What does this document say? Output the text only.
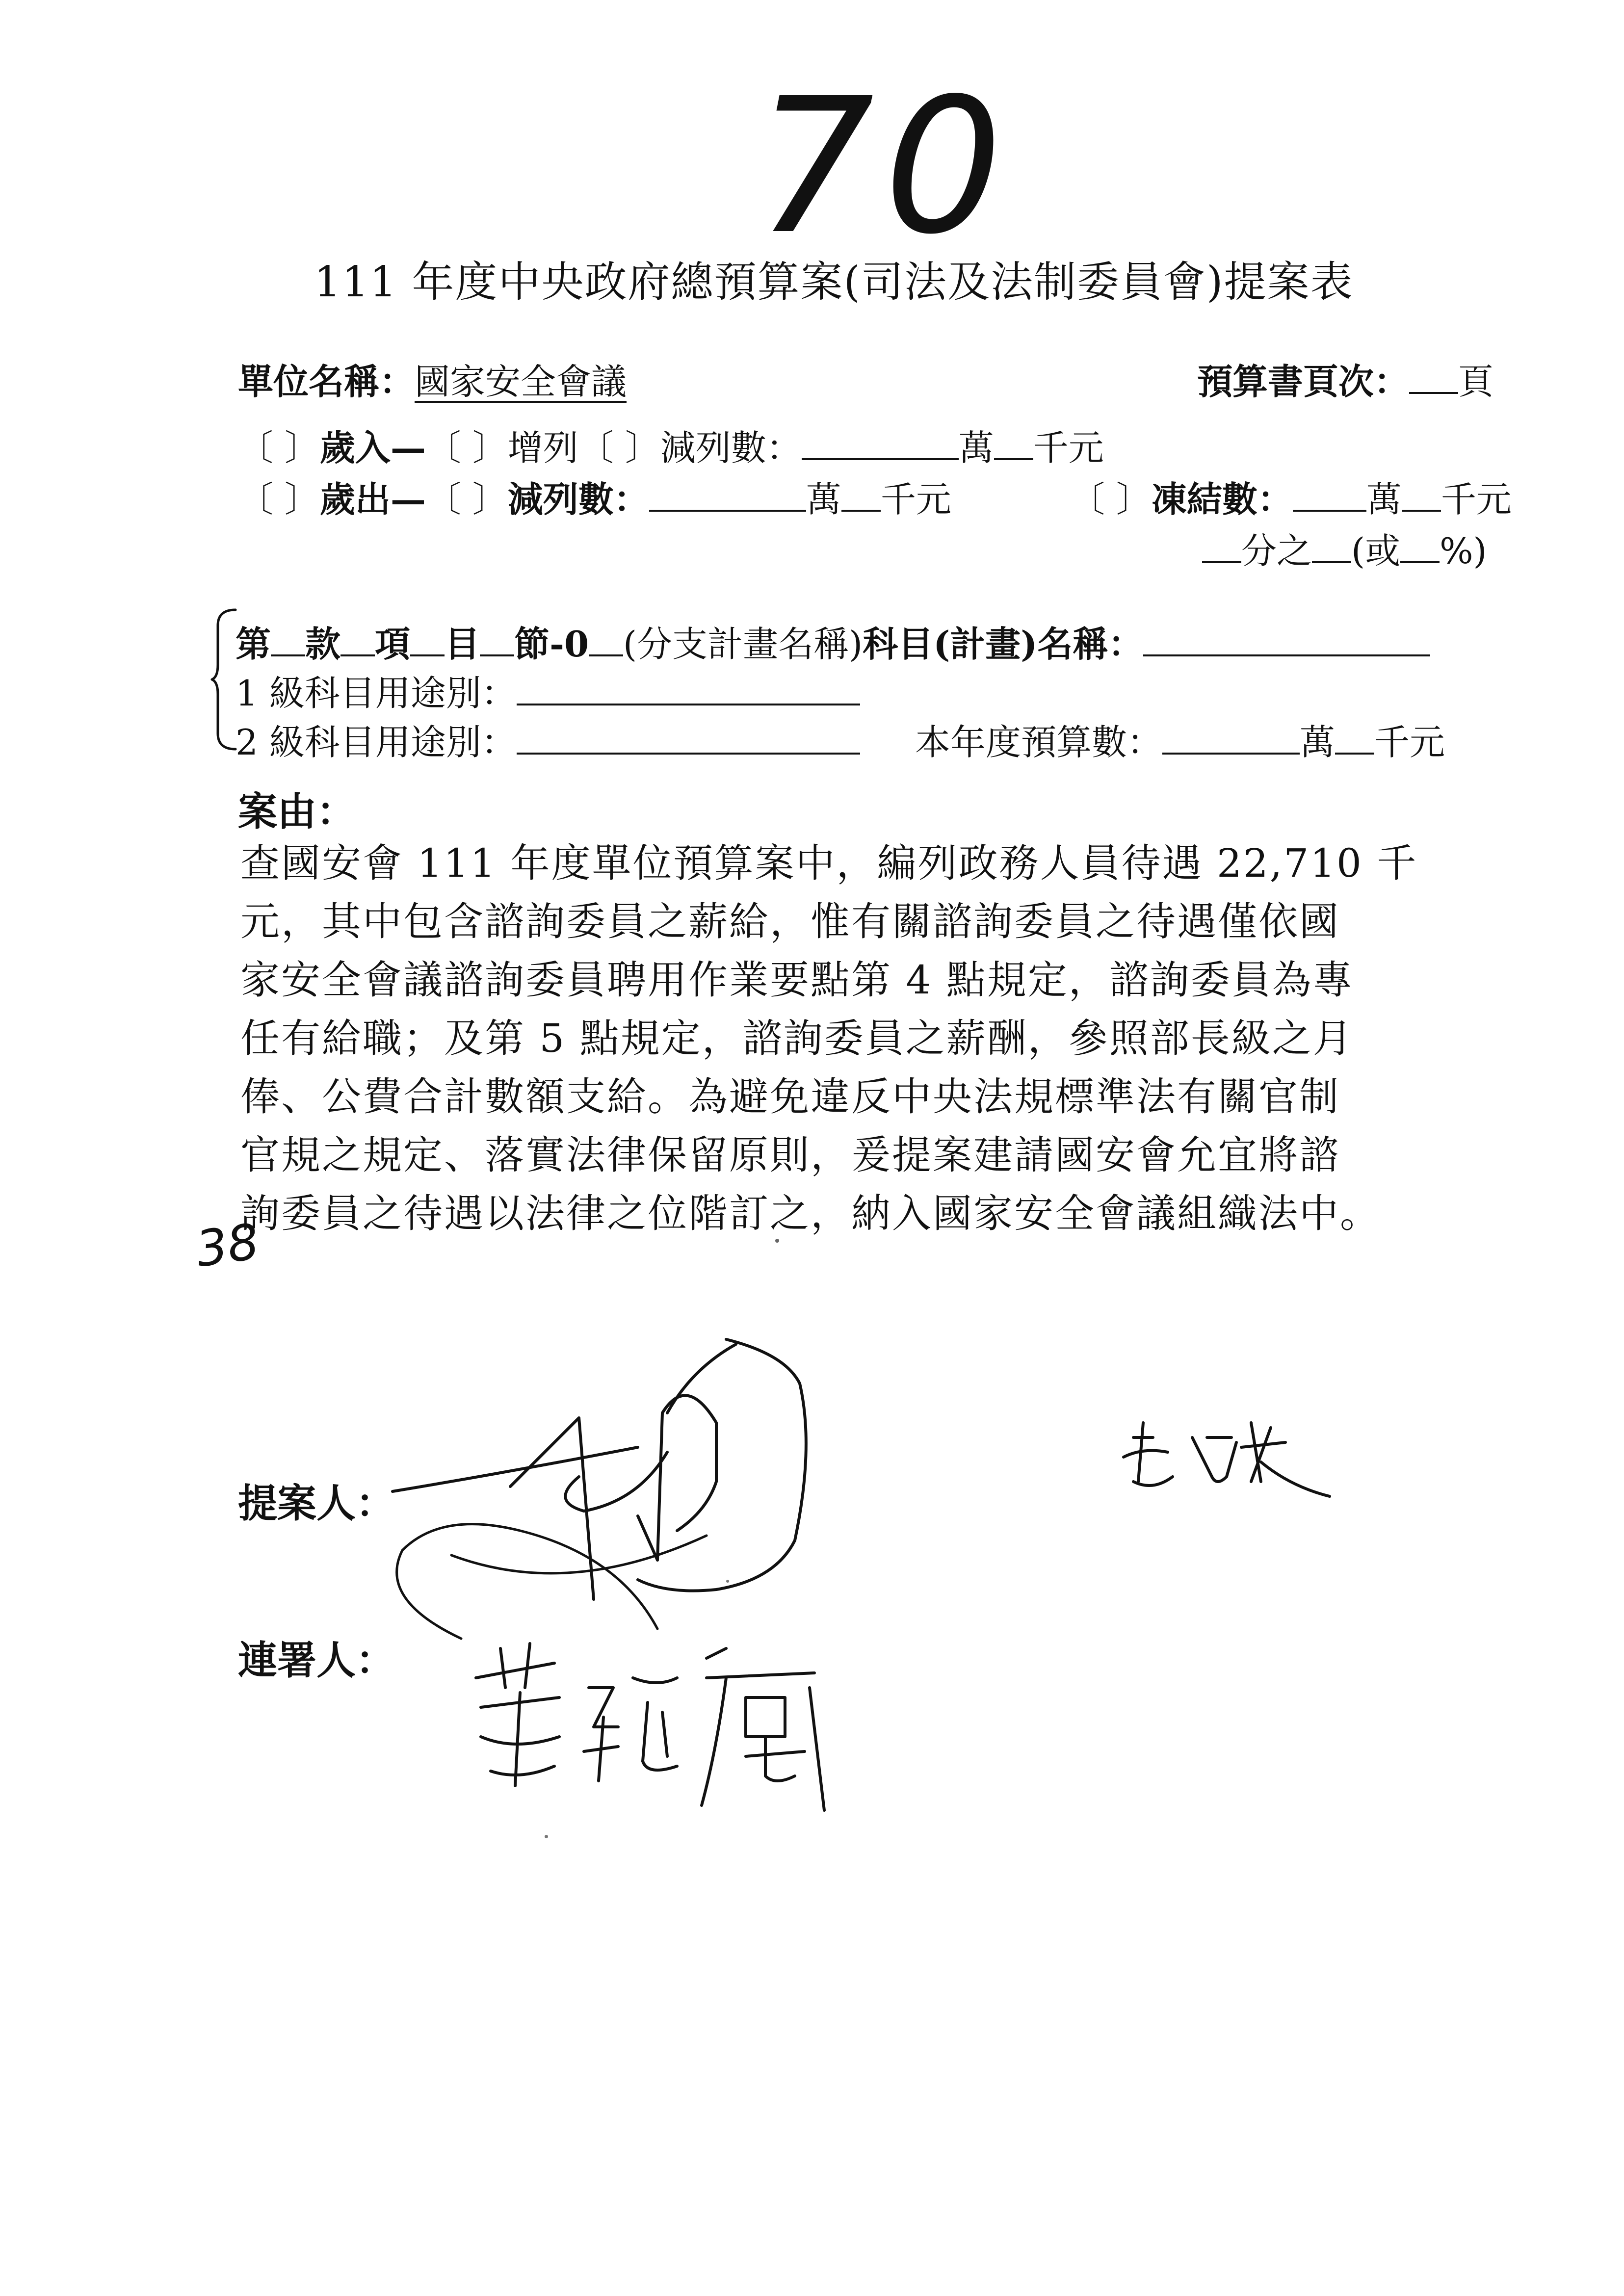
70
111 年度中央政府總預算案(司法及法制委員會)提案表
單位名稱：國家安全會議	預算書頁次： 頁
〔 〕歲入—〔 〕增列〔 〕減列數：	萬 千元
〔 〕歲出—〔 〕減列數：	萬 千元	〔 〕凍結數： 萬 千元
分之 (或 %)
第 款 項 目 節-0 (分支計畫名稱)科目(計畫)名稱：
1 級科目用途別：
2 級科目用途別：	本年度預算數：	萬 千元
案由：

查國安會 111 年度單位預算案中，編列政務人員待遇 22,710 千

元，其中包含諮詢委員之薪給，惟有關諮詢委員之待遇僅依國

家安全會議諮詢委員聘用作業要點第 4 點規定，諮詢委員為專

任有給職；及第 5 點規定，諮詢委員之薪酬，參照部長級之月

俸、公費合計數額支給。為避免違反中央法規標準法有關官制

官規之規定、落實法律保留原則，爰提案建請國安會允宜將諮

詢委員之待遇以法律之位階訂之，納入國家安全會議組織法中。

38
提案人：
連署人：
